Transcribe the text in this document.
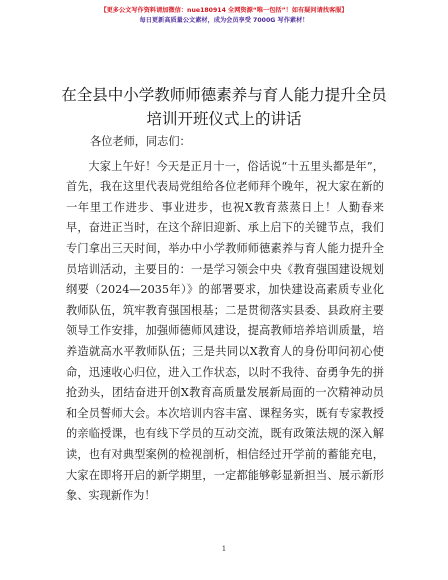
【更多公文写作资料请加微信：nue180914 全网资源“唯一包括”！如有疑问请找客服】
每日更新高质量公文素材，成为会员享受 7000G 写作素材！
在全县中小学教师师德素养与育人能力提升全员培训开班仪式上的讲话

各位老师，同志们：

大家上午好！今天是正月十一，俗话说“十五里头都是年”，首先，我在这里代表局党组给各位老师拜个晚年，祝大家在新的一年里工作进步、事业进步，也祝X教育蒸蒸日上！人勤春来早，奋进正当时，在这个辞旧迎新、承上启下的关键节点，我们专门拿出三天时间，举办中小学教师师德素养与育人能力提升全员培训活动，主要目的：一是学习领会中央《教育强国建设规划纲要（2024—2035年）》的部署要求，加快建设高素质专业化教师队伍，筑牢教育强国根基；二是贯彻落实县委、县政府主要领导工作安排，加强师德师风建设，提高教师培养培训质量，培养造就高水平教师队伍；三是共同以X教育人的身份叩问初心使命，迅速收心归位，进入工作状态，以时不我待、奋勇争先的拼抢劲头，团结奋进开创X教育高质量发展新局面的一次精神动员和全员誓师大会。本次培训内容丰富、课程务实，既有专家教授的亲临授课，也有线下学员的互动交流，既有政策法规的深入解读，也有对典型案例的检视剖析，相信经过开学前的蓄能充电，大家在即将开启的新学期里，一定都能够彰显新担当、展示新形象、实现新作为！

1
